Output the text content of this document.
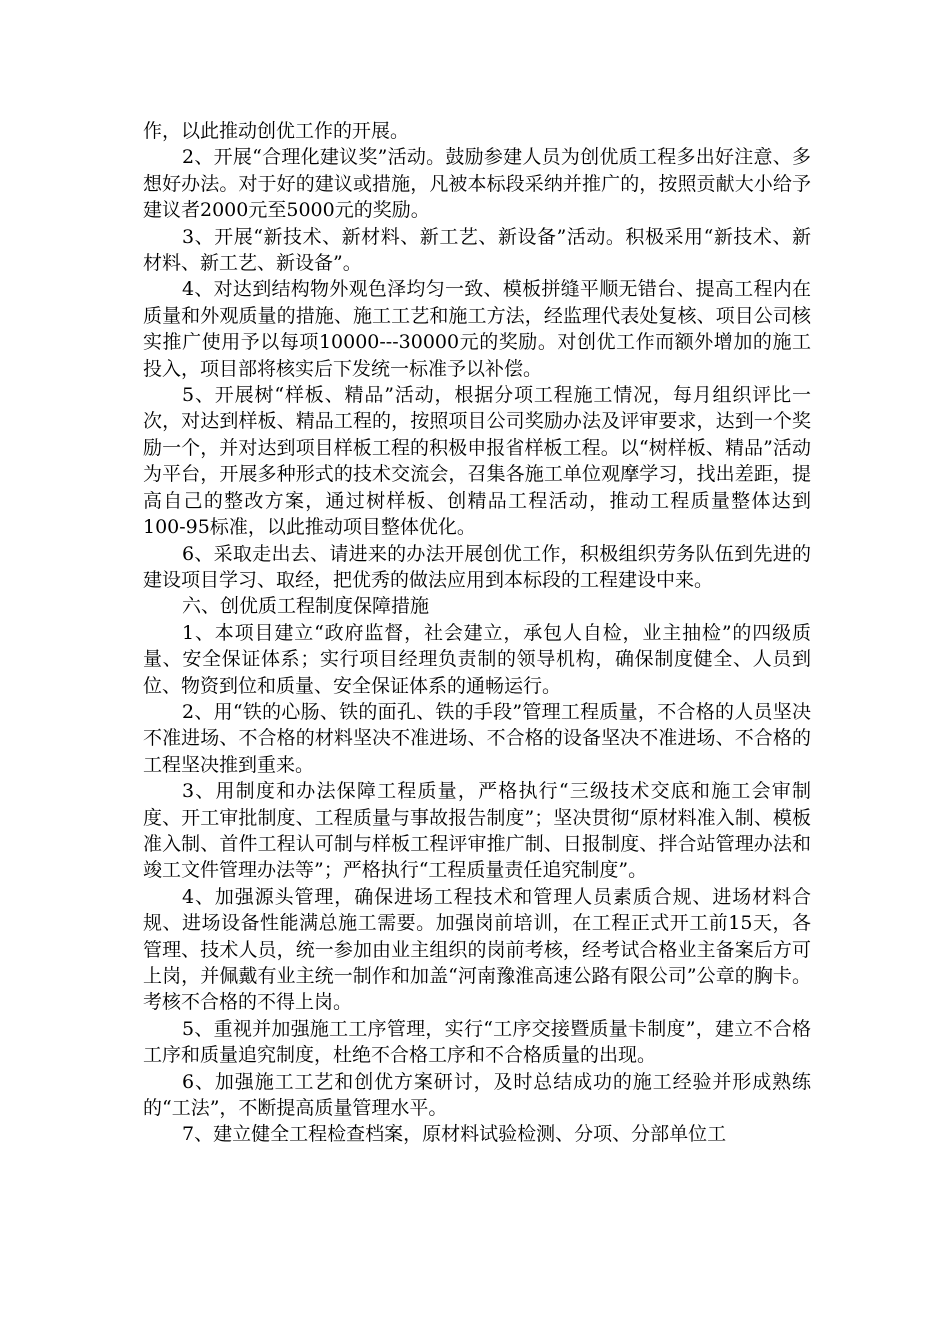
作，以此推动创优工作的开展。

2、开展“合理化建议奖”活动。鼓励参建人员为创优质工程多出好注意、多想好办法。对于好的建议或措施，凡被本标段采纳并推广的，按照贡献大小给予建议者2000元至5000元的奖励。

3、开展“新技术、新材料、新工艺、新设备”活动。积极采用“新技术、新材料、新工艺、新设备”。

4、对达到结构物外观色泽均匀一致、模板拼缝平顺无错台、提高工程内在质量和外观质量的措施、施工工艺和施工方法，经监理代表处复核、项目公司核实推广使用予以每项10000---30000元的奖励。对创优工作而额外增加的施工投入，项目部将核实后下发统一标准予以补偿。

5、开展树“样板、精品”活动，根据分项工程施工情况，每月组织评比一次，对达到样板、精品工程的，按照项目公司奖励办法及评审要求，达到一个奖励一个，并对达到项目样板工程的积极申报省样板工程。以“树样板、精品”活动为平台，开展多种形式的技术交流会，召集各施工单位观摩学习，找出差距，提高自己的整改方案，通过树样板、创精品工程活动，推动工程质量整体达到100-95标准，以此推动项目整体优化。

6、采取走出去、请进来的办法开展创优工作，积极组织劳务队伍到先进的建设项目学习、取经，把优秀的做法应用到本标段的工程建设中来。

六、创优质工程制度保障措施

1、本项目建立“政府监督，社会建立，承包人自检，业主抽检”的四级质量、安全保证体系；实行项目经理负责制的领导机构，确保制度健全、人员到位、物资到位和质量、安全保证体系的通畅运行。

2、用“铁的心肠、铁的面孔、铁的手段”管理工程质量，不合格的人员坚决不准进场、不合格的材料坚决不准进场、不合格的设备坚决不准进场、不合格的工程坚决推到重来。

3、用制度和办法保障工程质量，严格执行“三级技术交底和施工会审制度、开工审批制度、工程质量与事故报告制度”；坚决贯彻“原材料准入制、模板准入制、首件工程认可制与样板工程评审推广制、日报制度、拌合站管理办法和竣工文件管理办法等”；严格执行“工程质量责任追究制度”。

4、加强源头管理，确保进场工程技术和管理人员素质合规、进场材料合规、进场设备性能满总施工需要。加强岗前培训，在工程正式开工前15天，各管理、技术人员，统一参加由业主组织的岗前考核，经考试合格业主备案后方可上岗，并佩戴有业主统一制作和加盖“河南豫淮高速公路有限公司”公章的胸卡。考核不合格的不得上岗。

5、重视并加强施工工序管理，实行“工序交接暨质量卡制度”，建立不合格工序和质量追究制度，杜绝不合格工序和不合格质量的出现。

6、加强施工工艺和创优方案研讨，及时总结成功的施工经验并形成熟练的“工法”，不断提高质量管理水平。

7、建立健全工程检查档案，原材料试验检测、分项、分部单位工
